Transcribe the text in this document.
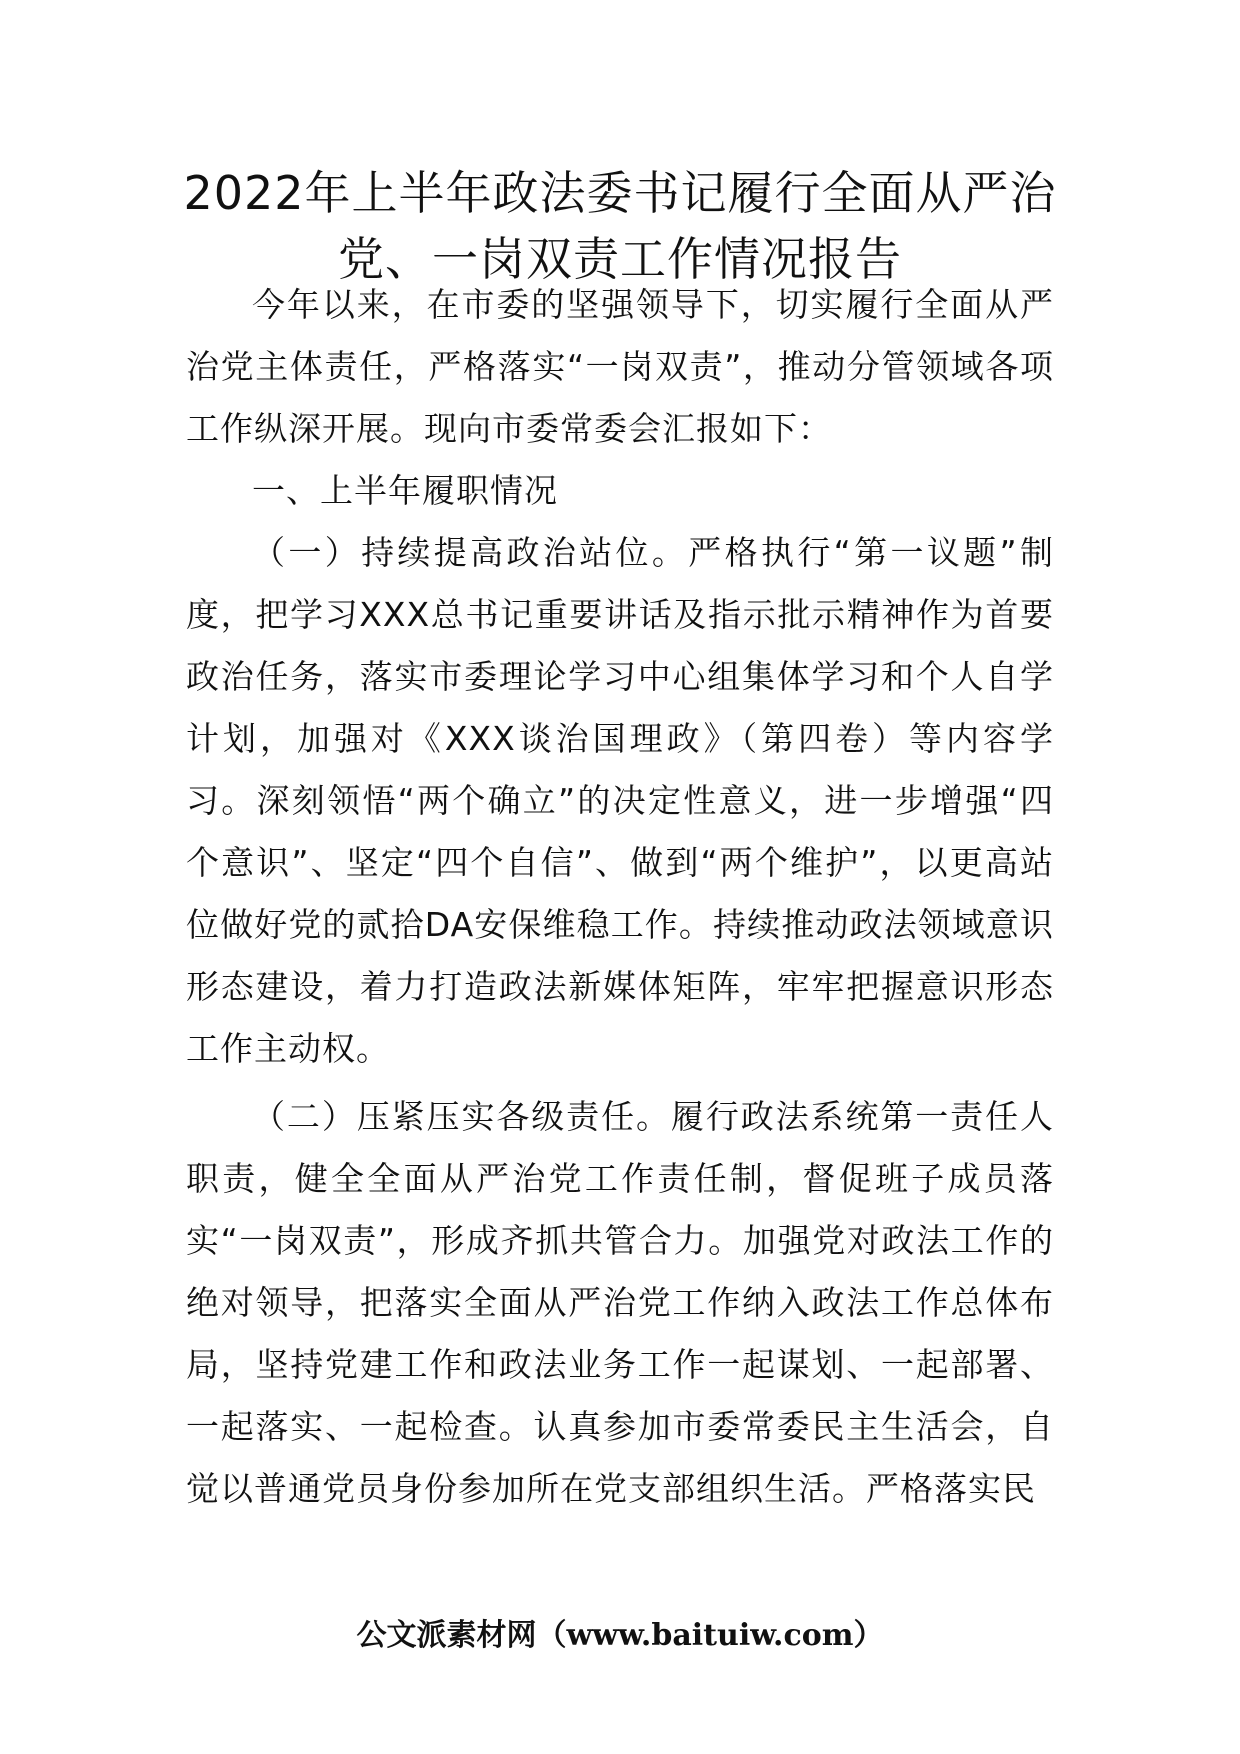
2022年上半年政法委书记履行全面从严治
党、一岗双责工作情况报告

今年以来，在市委的坚强领导下，切实履行全面从严治党主体责任，严格落实“一岗双责”，推动分管领域各项工作纵深开展。现向市委常委会汇报如下：

一、上半年履职情况

（一）持续提高政治站位。严格执行“第一议题”制度，把学习XXX总书记重要讲话及指示批示精神作为首要政治任务，落实市委理论学习中心组集体学习和个人自学计划，加强对《XXX谈治国理政》（第四卷）等内容学习。深刻领悟“两个确立”的决定性意义，进一步增强“四个意识”、坚定“四个自信”、做到“两个维护”，以更高站位做好党的贰拾DA安保维稳工作。持续推动政法领域意识形态建设，着力打造政法新媒体矩阵，牢牢把握意识形态工作主动权。

（二）压紧压实各级责任。履行政法系统第一责任人职责，健全全面从严治党工作责任制，督促班子成员落实“一岗双责”，形成齐抓共管合力。加强党对政法工作的绝对领导，把落实全面从严治党工作纳入政法工作总体布局，坚持党建工作和政法业务工作一起谋划、一起部署、一起落实、一起检查。认真参加市委常委民主生活会，自觉以普通党员身份参加所在党支部组织生活。严格落实民

公文派素材网（www.baituiw.com）
